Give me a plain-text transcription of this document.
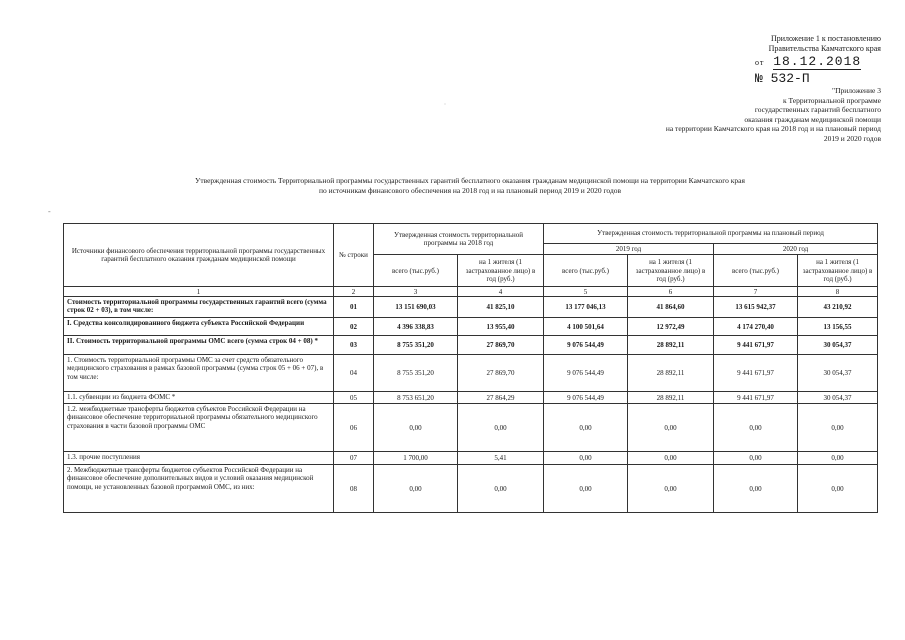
Приложение 1 к постановлению
Правительства Камчатского края
от 18.12.2018
№ 532-П
ˈ
"Приложение 3
к Территориальной программе
государственных гарантий бесплатного
оказания гражданам медицинской помощи
на территории Камчатского края на 2018 год и на плановый период
2019 и 2020 годов
Утвержденная стоимость Территориальной программы государственных гарантий бесплатного оказания гражданам медицинской помощи на территории Камчатского края
по источникам финансового обеспечения на 2018 год и на плановый период 2019 и 2020 годов
-
Источники финансового обеспечения территориальной программы государственных гарантий бесплатного оказания гражданам медицинской помощи	№ строки	Утвержденная стоимость территориальной программы на 2018 год		Утвержденная стоимость территориальной программы на плановый период			
				2019 год		2020 год	
		всего (тыс.руб.)	на 1 жителя (1 застрахованное лицо) в год (руб.)	всего (тыс.руб.)	на 1 жителя (1 застрахованное лицо) в год (руб.)	всего (тыс.руб.)	на 1 жителя (1 застрахованное лицо) в год (руб.)
1	2	3	4	5	6	7	8
Стоимость территориальной программы государственных гарантий всего (сумма строк 02 + 03), в том числе:	01	13 151 690,03	41 825,10	13 177 046,13	41 864,60	13 615 942,37	43 210,92
I. Средства консолидированного бюджета субъекта Российской Федерации	02	4 396 338,83	13 955,40	4 100 501,64	12 972,49	4 174 270,40	13 156,55
II. Стоимость территориальной программы ОМС всего (сумма строк 04 + 08) *	03	8 755 351,20	27 869,70	9 076 544,49	28 892,11	9 441 671,97	30 054,37
1. Стоимость территориальной программы ОМС за счет средств обязательного медицинского страхования в рамках базовой программы (сумма строк 05 + 06 + 07), в том числе:	04	8 755 351,20	27 869,70	9 076 544,49	28 892,11	9 441 671,97	30 054,37
1.1. субвенции из бюджета ФОМС *	05	8 753 651,20	27 864,29	9 076 544,49	28 892,11	9 441 671,97	30 054,37
1.2. межбюджетные трансферты бюджетов субъектов Российской Федерации на финансовое обеспечение территориальной программы обязательного медицинского страхования в части базовой программы ОМС	06	0,00	0,00	0,00	0,00	0,00	0,00
1.3. прочие поступления	07	1 700,00	5,41	0,00	0,00	0,00	0,00
2. Межбюджетные трансферты бюджетов субъектов Российской Федерации на финансовое обеспечение дополнительных видов и условий оказания медицинской помощи, не установленных базовой программой ОМС, из них:	08	0,00	0,00	0,00	0,00	0,00	0,00
